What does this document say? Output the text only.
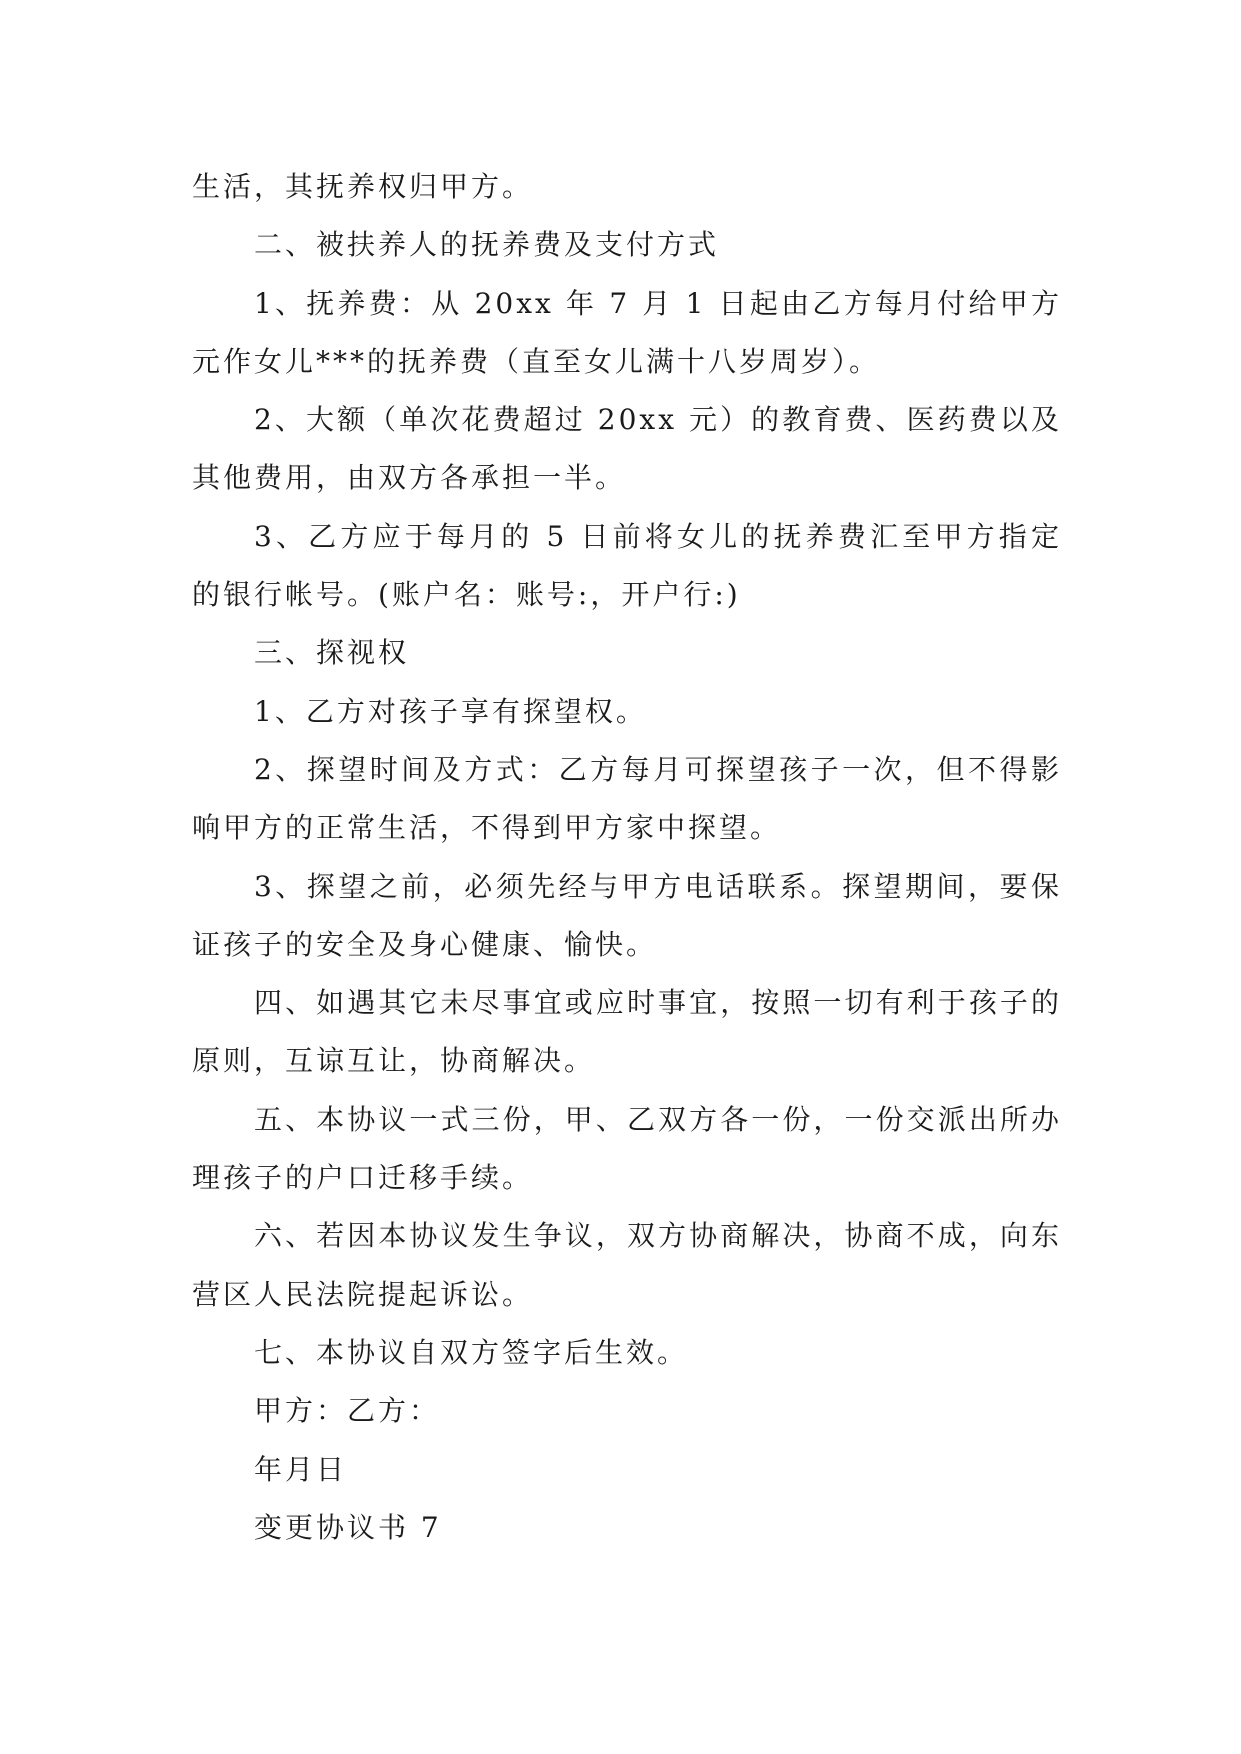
生活，其抚养权归甲方。

二、被扶养人的抚养费及支付方式

1、抚养费：从 20xx 年 7 月 1 日起由乙方每月付给甲方元作女儿***的抚养费（直至女儿满十八岁周岁）。

2、大额（单次花费超过 20xx 元）的教育费、医药费以及其他费用，由双方各承担一半。

3、乙方应于每月的 5 日前将女儿的抚养费汇至甲方指定的银行帐号。(账户名：账号:，开户行:)

三、探视权

1、乙方对孩子享有探望权。

2、探望时间及方式：乙方每月可探望孩子一次，但不得影响甲方的正常生活，不得到甲方家中探望。

3、探望之前，必须先经与甲方电话联系。探望期间，要保证孩子的安全及身心健康、愉快。

四、如遇其它未尽事宜或应时事宜，按照一切有利于孩子的原则，互谅互让，协商解决。

五、本协议一式三份，甲、乙双方各一份，一份交派出所办理孩子的户口迁移手续。

六、若因本协议发生争议，双方协商解决，协商不成，向东营区人民法院提起诉讼。

七、本协议自双方签字后生效。

甲方：乙方：

年月日

变更协议书 7
